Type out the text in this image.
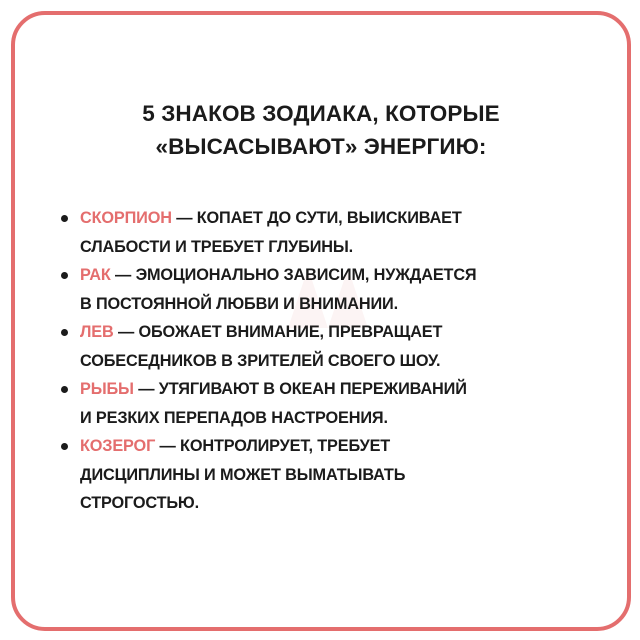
5 ЗНАКОВ ЗОДИАКА, КОТОРЫЕ
«ВЫСАСЫВАЮТ» ЭНЕРГИЮ:
СКОРПИОН — КОПАЕТ ДО СУТИ, ВЫИСКИВАЕТ
СЛАБОСТИ И ТРЕБУЕТ ГЛУБИНЫ.
РАК — ЭМОЦИОНАЛЬНО ЗАВИСИМ, НУЖДАЕТСЯ
В ПОСТОЯННОЙ ЛЮБВИ И ВНИМАНИИ.
ЛЕВ — ОБОЖАЕТ ВНИМАНИЕ, ПРЕВРАЩАЕТ
СОБЕСЕДНИКОВ В ЗРИТЕЛЕЙ СВОЕГО ШОУ.
РЫБЫ — УТЯГИВАЮТ В ОКЕАН ПЕРЕЖИВАНИЙ
И РЕЗКИХ ПЕРЕПАДОВ НАСТРОЕНИЯ.
КОЗЕРОГ — КОНТРОЛИРУЕТ, ТРЕБУЕТ
ДИСЦИПЛИНЫ И МОЖЕТ ВЫМАТЫВАТЬ
СТРОГОСТЬЮ.
